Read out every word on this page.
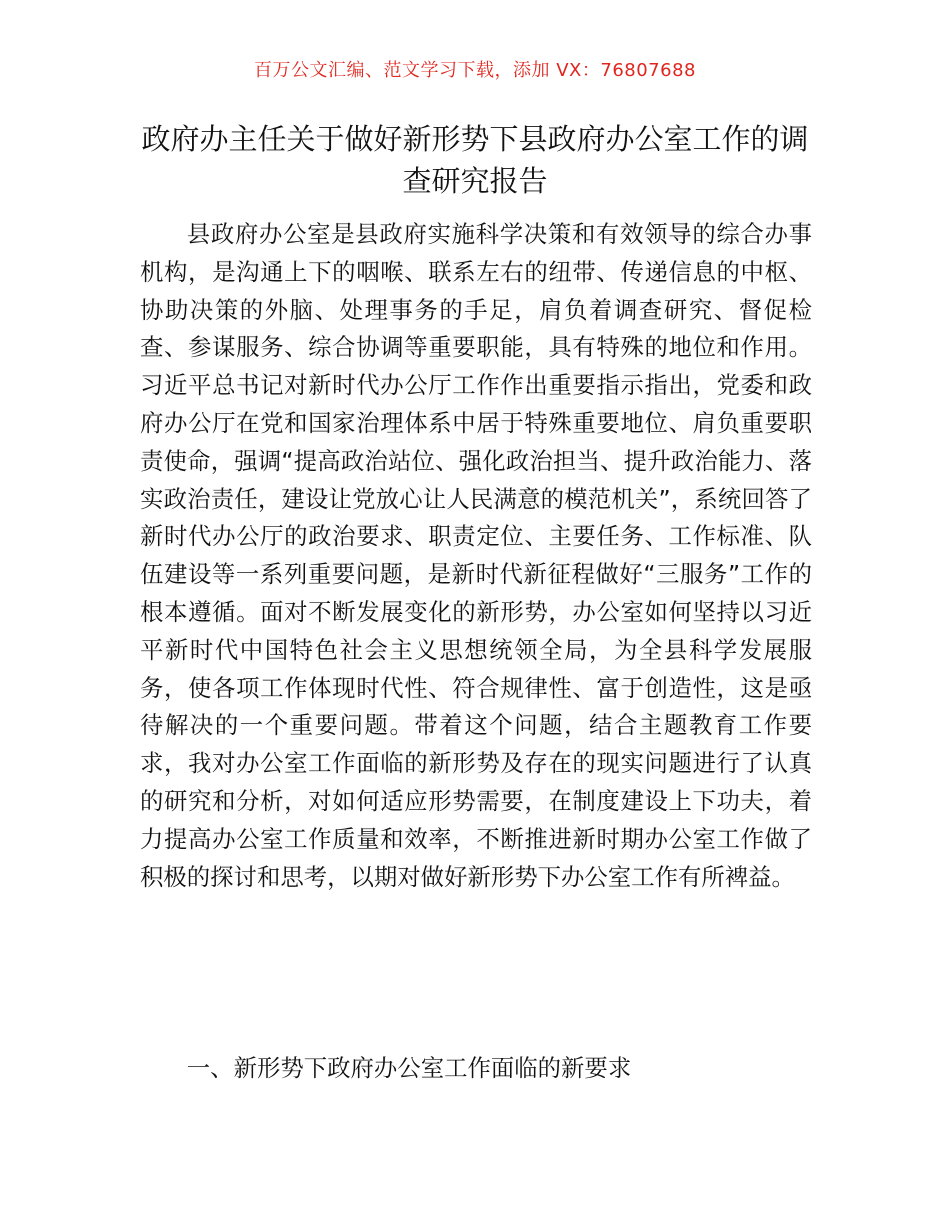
百万公文汇编、范文学习下载，添加 VX：76807688
政府办主任关于做好新形势下县政府办公室工作的调查研究报告

县政府办公室是县政府实施科学决策和有效领导的综合办事机构，是沟通上下的咽喉、联系左右的纽带、传递信息的中枢、协助决策的外脑、处理事务的手足，肩负着调查研究、督促检查、参谋服务、综合协调等重要职能，具有特殊的地位和作用。习近平总书记对新时代办公厅工作作出重要指示指出，党委和政府办公厅在党和国家治理体系中居于特殊重要地位、肩负重要职责使命，强调“提高政治站位、强化政治担当、提升政治能力、落实政治责任，建设让党放心让人民满意的模范机关”，系统回答了新时代办公厅的政治要求、职责定位、主要任务、工作标准、队伍建设等一系列重要问题，是新时代新征程做好“三服务”工作的根本遵循。面对不断发展变化的新形势，办公室如何坚持以习近平新时代中国特色社会主义思想统领全局，为全县科学发展服务，使各项工作体现时代性、符合规律性、富于创造性，这是亟待解决的一个重要问题。带着这个问题，结合主题教育工作要求，我对办公室工作面临的新形势及存在的现实问题进行了认真的研究和分析，对如何适应形势需要，在制度建设上下功夫，着力提高办公室工作质量和效率，不断推进新时期办公室工作做了积极的探讨和思考，以期对做好新形势下办公室工作有所裨益。

一、新形势下政府办公室工作面临的新要求
